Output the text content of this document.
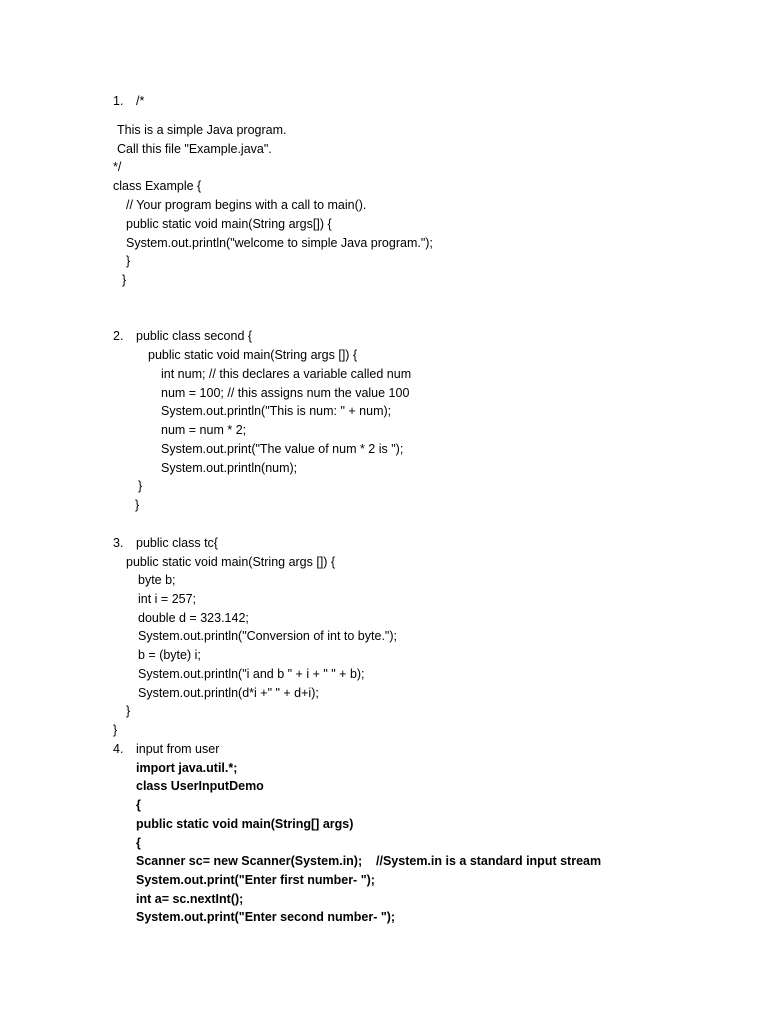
1. /*
This is a simple Java program.
Call this file "Example.java".
*/
class Example {
// Your program begins with a call to main().
public static void main(String args[]) {
System.out.println("welcome to simple Java program.");
}
}
2. public class second {
public static void main(String args []) {
int num; // this declares a variable called num
num = 100; // this assigns num the value 100
System.out.println("This is num: " + num);
num = num * 2;
System.out.print("The value of num * 2 is ");
System.out.println(num);
}
}
3. public class tc{
public static void main(String args []) {
byte b;
int i = 257;
double d = 323.142;
System.out.println("Conversion of int to byte.");
b = (byte) i;
System.out.println("i and b " + i + " " + b);
System.out.println(d*i +" " + d+i);
}
}
4. input from user
import java.util.*;
class UserInputDemo
{
public static void main(String[] args)
{
Scanner sc= new Scanner(System.in);    //System.in is a standard input stream
System.out.print("Enter first number- ");
int a= sc.nextInt();
System.out.print("Enter second number- ");
